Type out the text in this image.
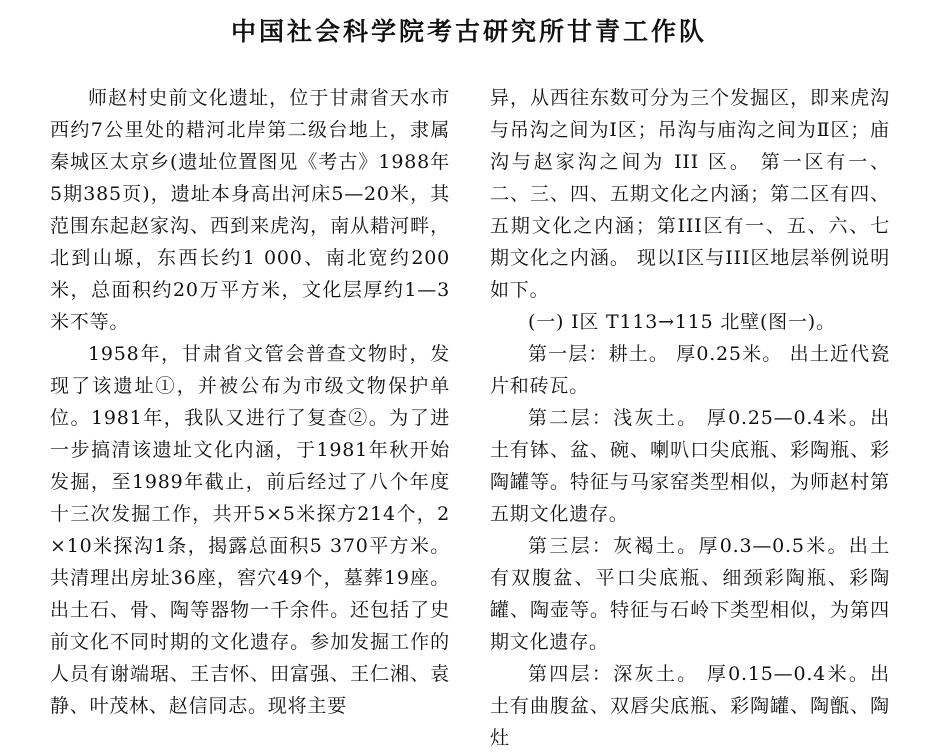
中国社会科学院考古研究所甘青工作队

师赵村史前文化遗址，位于甘肃省天水市西约7公里处的耤河北岸第二级台地上，隶属秦城区太京乡(遗址位置图见《考古》1988年5期385页)，遗址本身高出河床5—20米，其范围东起赵家沟、西到来虎沟，南从耤河畔，北到山塬，东西长约1 000、南北宽约200米，总面积约20万平方米，文化层厚约1—3米不等。

1958年，甘肃省文管会普查文物时，发现了该遗址①，并被公布为市级文物保护单位。1981年，我队又进行了复查②。为了进一步搞清该遗址文化内涵，于1981年秋开始发掘，至1989年截止，前后经过了八个年度十三次发掘工作，共开5×5米探方214个，2×10米探沟1条，揭露总面积5 370平方米。共清理出房址36座，窖穴49个，墓葬19座。出土石、骨、陶等器物一千余件。还包括了史前文化不同时期的文化遗存。参加发掘工作的人员有谢端琚、王吉怀、田富强、王仁湘、袁静、叶茂林、赵信同志。现将主要

异，从西往东数可分为三个发掘区，即来虎沟与吊沟之间为Ⅰ区；吊沟与庙沟之间为Ⅱ区；庙沟与赵家沟之间为 III 区。 第一区有一、二、三、四、五期文化之内涵；第二区有四、五期文化之内涵；第III区有一、五、六、七期文化之内涵。 现以Ⅰ区与III区地层举例说明如下。

(一) Ⅰ区 T113→115 北壁(图一)。

第一层：耕土。 厚0.25米。 出土近代瓷片和砖瓦。

第二层：浅灰土。 厚0.25—0.4米。出土有钵、盆、碗、喇叭口尖底瓶、彩陶瓶、彩陶罐等。特征与马家窑类型相似，为师赵村第五期文化遗存。

第三层：灰褐土。厚0.3—0.5米。出土有双腹盆、平口尖底瓶、细颈彩陶瓶、彩陶罐、陶壶等。特征与石岭下类型相似，为第四期文化遗存。

第四层：深灰土。 厚0.15—0.4米。出土有曲腹盆、双唇尖底瓶、彩陶罐、陶甑、陶灶
